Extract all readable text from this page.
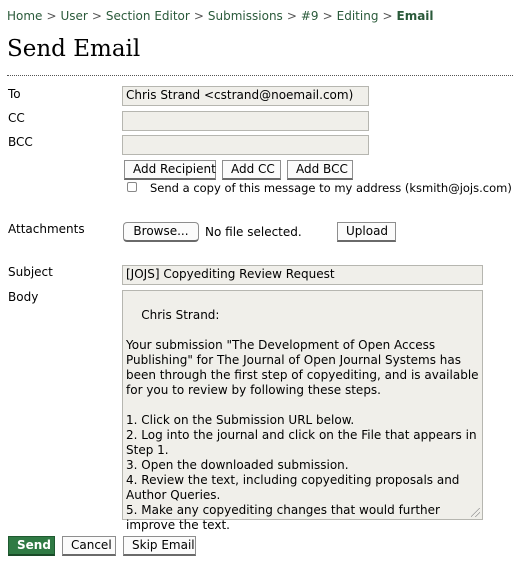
Home > User > Section Editor > Submissions > #9 > Editing > Email
Send Email
To	Chris Strand <cstrand@noemail.com)
CC
BCC
Add Recipient	Add CC	Add BCC
Send a copy of this message to my address (ksmith@jojs.com)
Attachments	Browse...	No file selected.	Upload
Subject	[JOJS] Copyediting Review Request
Body

Chris Strand:

Your submission "The Development of Open Access Publishing" for The Journal of Open Journal Systems has been through the first step of copyediting, and is available for you to review by following these steps.

1. Click on the Submission URL below.
2. Log into the journal and click on the File that appears in Step 1.
3. Open the downloaded submission.
4. Review the text, including copyediting proposals and Author Queries.
5. Make any copyediting changes that would further improve the text.

Send	Cancel	Skip Email
